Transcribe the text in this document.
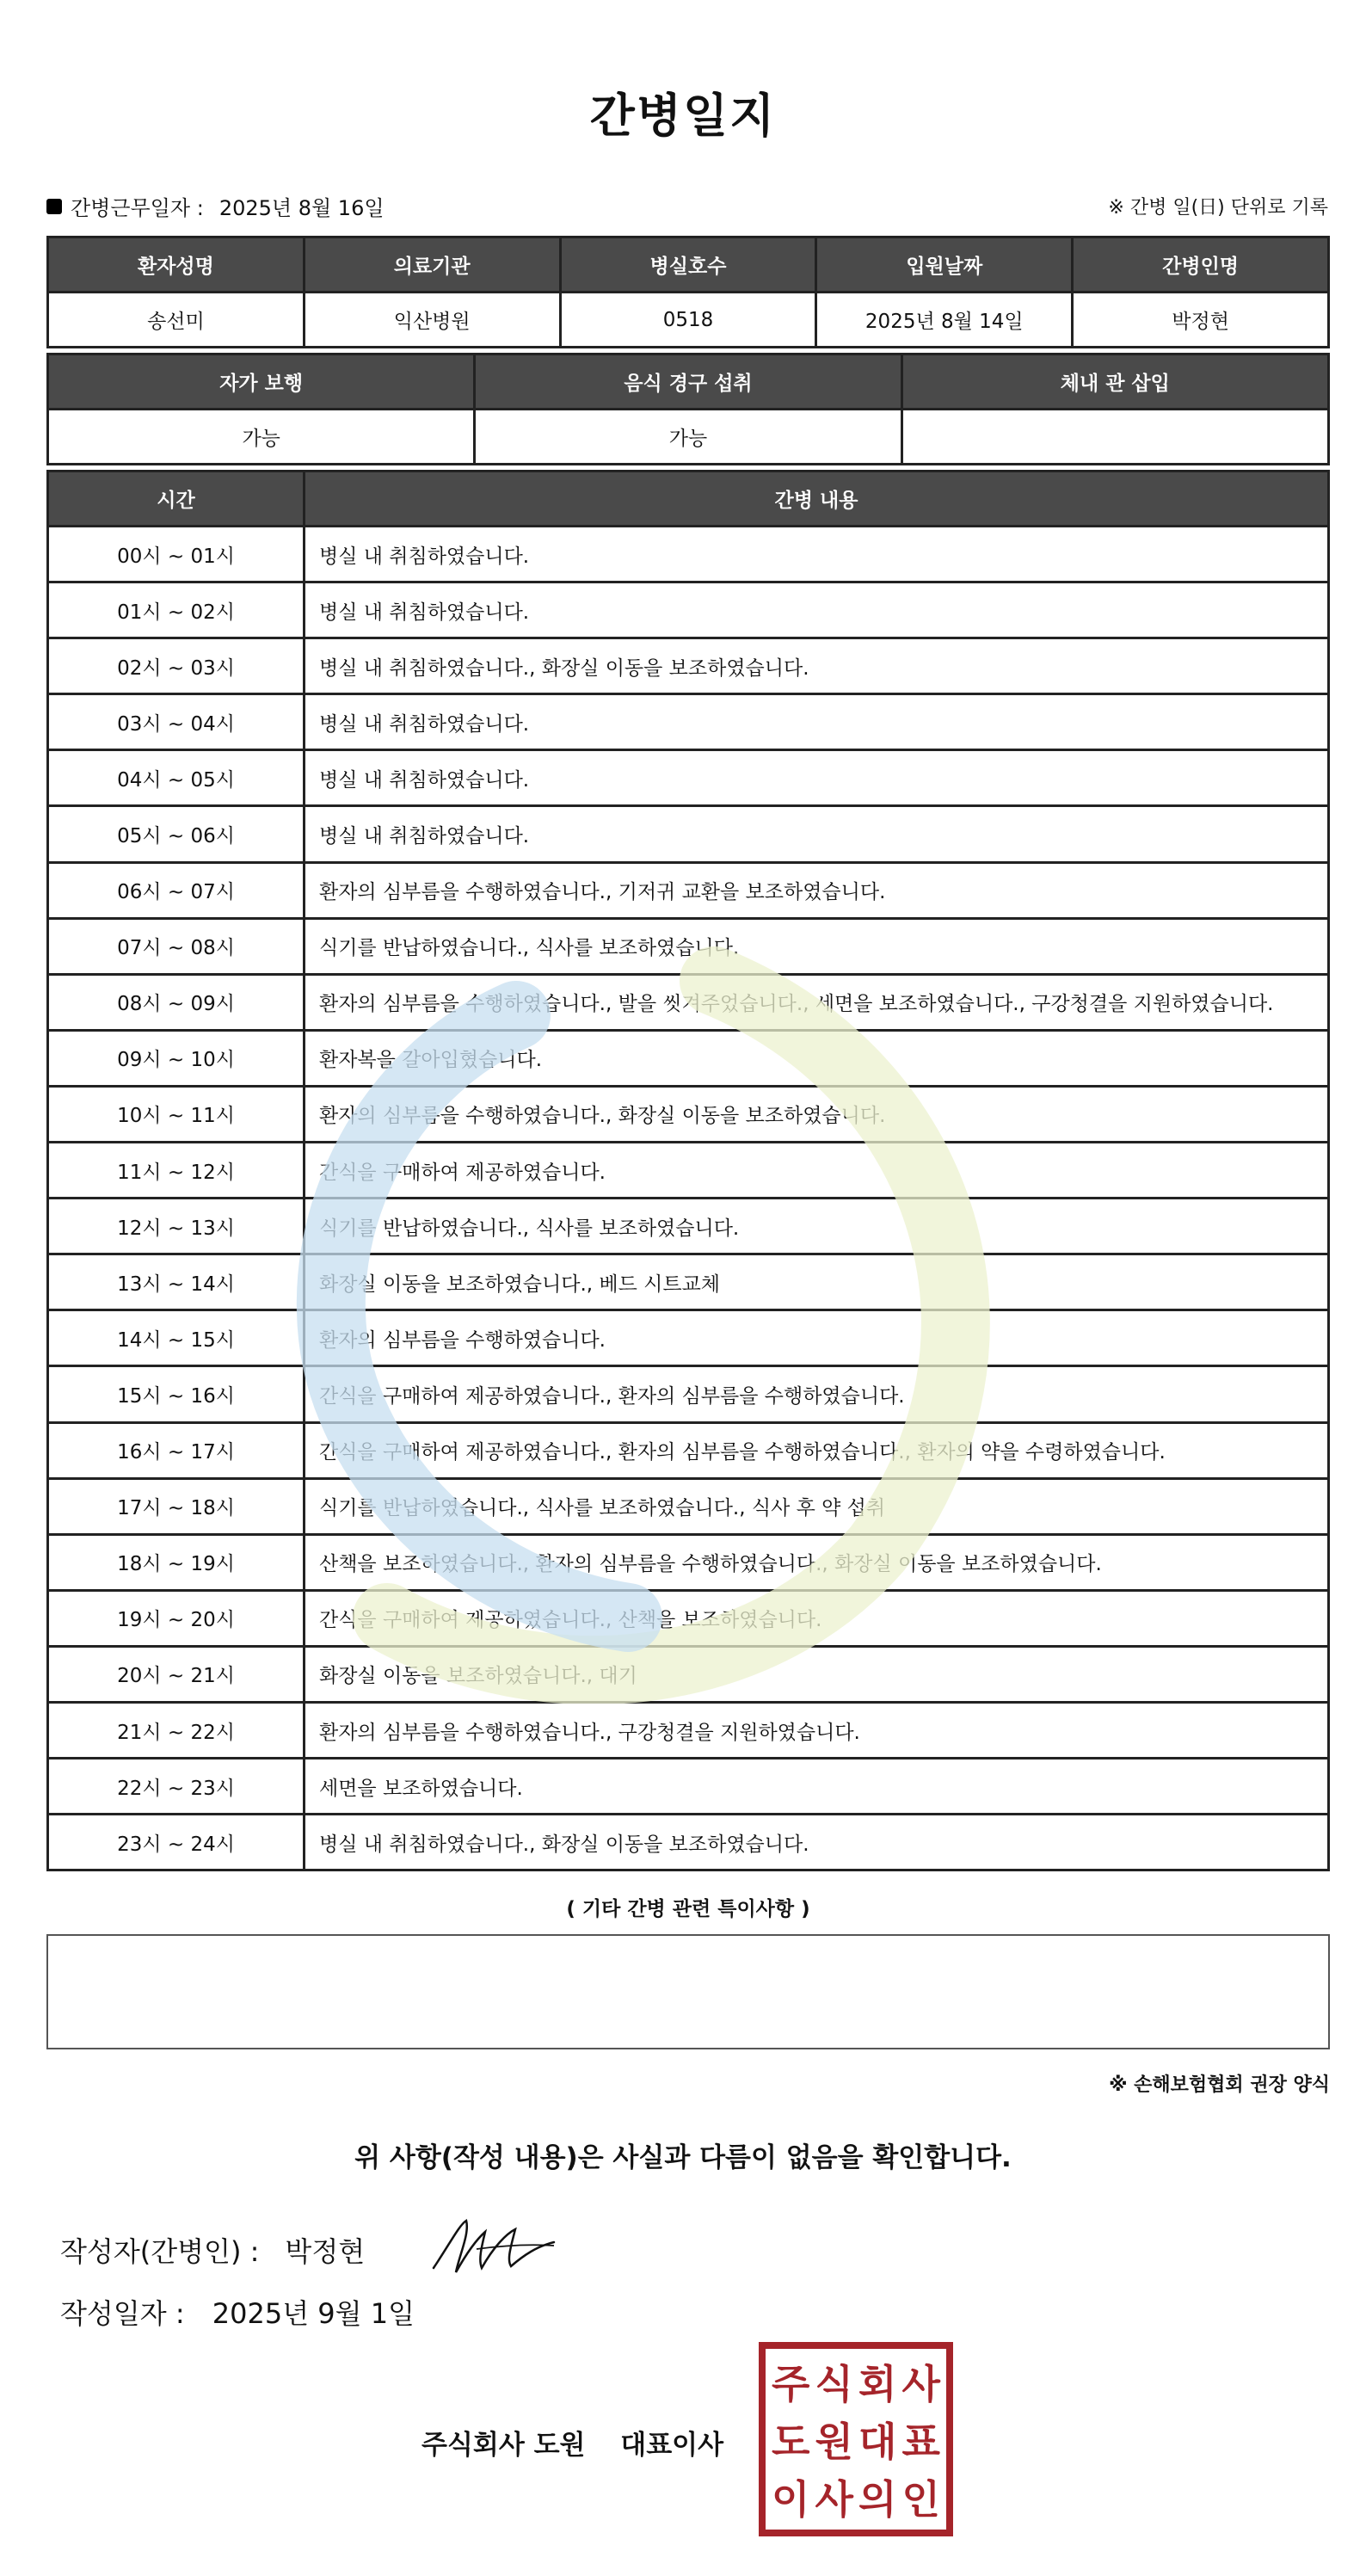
간병일지
간병근무일자 : 2025년 8월 16일	※ 간병 일(日) 단위로 기록
환자성명	의료기관	병실호수	입원날짜	간병인명
송선미	익산병원	0518	2025년 8월 14일	박정현
자가 보행	음식 경구 섭취	체내 관 삽입
가능	가능	
시간	간병 내용
00시 ~ 01시	병실 내 취침하였습니다.
01시 ~ 02시	병실 내 취침하였습니다.
02시 ~ 03시	병실 내 취침하였습니다., 화장실 이동을 보조하였습니다.
03시 ~ 04시	병실 내 취침하였습니다.
04시 ~ 05시	병실 내 취침하였습니다.
05시 ~ 06시	병실 내 취침하였습니다.
06시 ~ 07시	환자의 심부름을 수행하였습니다., 기저귀 교환을 보조하였습니다.
07시 ~ 08시	식기를 반납하였습니다., 식사를 보조하였습니다.
08시 ~ 09시	환자의 심부름을 수행하였습니다., 발을 씻겨주었습니다., 세면을 보조하였습니다., 구강청결을 지원하였습니다.
09시 ~ 10시	환자복을 갈아입혔습니다.
10시 ~ 11시	환자의 심부름을 수행하였습니다., 화장실 이동을 보조하였습니다.
11시 ~ 12시	간식을 구매하여 제공하였습니다.
12시 ~ 13시	식기를 반납하였습니다., 식사를 보조하였습니다.
13시 ~ 14시	화장실 이동을 보조하였습니다., 베드 시트교체
14시 ~ 15시	환자의 심부름을 수행하였습니다.
15시 ~ 16시	간식을 구매하여 제공하였습니다., 환자의 심부름을 수행하였습니다.
16시 ~ 17시	간식을 구매하여 제공하였습니다., 환자의 심부름을 수행하였습니다., 환자의 약을 수령하였습니다.
17시 ~ 18시	식기를 반납하였습니다., 식사를 보조하였습니다., 식사 후 약 섭취
18시 ~ 19시	산책을 보조하였습니다., 환자의 심부름을 수행하였습니다., 화장실 이동을 보조하였습니다.
19시 ~ 20시	간식을 구매하여 제공하였습니다., 산책을 보조하였습니다.
20시 ~ 21시	화장실 이동을 보조하였습니다., 대기
21시 ~ 22시	환자의 심부름을 수행하였습니다., 구강청결을 지원하였습니다.
22시 ~ 23시	세면을 보조하였습니다.
23시 ~ 24시	병실 내 취침하였습니다., 화장실 이동을 보조하였습니다.
( 기타 간병 관련 특이사항 )
※ 손해보험협회 권장 양식
위 사항(작성 내용)은 사실과 다름이 없음을 확인합니다.
작성자(간병인) : 박정현
작성일자 : 2025년 9월 1일
주식회사 도원 대표이사
주 식 회 사
도 원 대 표
이 사 의 인
